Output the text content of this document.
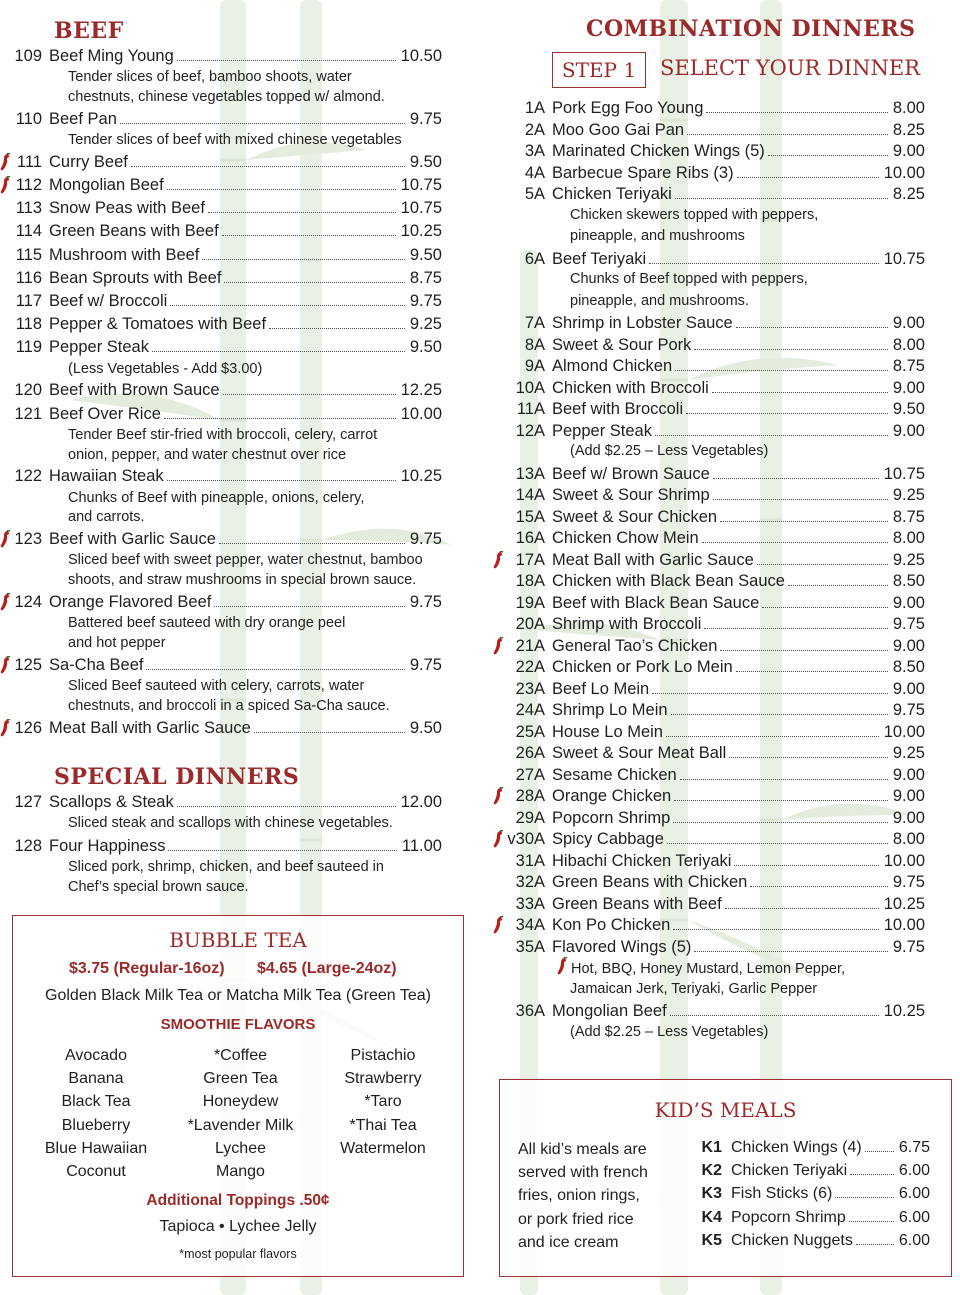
BEEF
109 Beef Ming Young	10.50
Tender slices of beef, bamboo shoots, water
chestnuts, chinese vegetables topped w/ almond.
110 Beef Pan	9.75
Tender slices of beef with mixed chinese vegetables
111 Curry Beef	9.50
112 Mongolian Beef	10.75
113 Snow Peas with Beef	10.75
114 Green Beans with Beef	10.25
115 Mushroom with Beef	9.50
116 Bean Sprouts with Beef	8.75
117 Beef w/ Broccoli	9.75
118 Pepper & Tomatoes with Beef	9.25
119 Pepper Steak	9.50
(Less Vegetables - Add $3.00)
120 Beef with Brown Sauce	12.25
121 Beef Over Rice	10.00
Tender Beef stir-fried with broccoli, celery, carrot
onion, pepper, and water chestnut over rice
122 Hawaiian Steak	10.25
Chunks of Beef with pineapple, onions, celery,
and carrots.
123 Beef with Garlic Sauce	9.75
Sliced beef with sweet pepper, water chestnut, bamboo
shoots, and straw mushrooms in special brown sauce.
124 Orange Flavored Beef	9.75
Battered beef sauteed with dry orange peel
and hot pepper
125 Sa-Cha Beef	9.75
Sliced Beef sauteed with celery, carrots, water
chestnuts, and broccoli in a spiced Sa-Cha sauce.
126 Meat Ball with Garlic Sauce	9.50
SPECIAL DINNERS
127 Scallops & Steak	12.00
Sliced steak and scallops with chinese vegetables.
128 Four Happiness	11.00
Sliced pork, shrimp, chicken, and beef sauteed in
Chef’s special brown sauce.
BUBBLE TEA
$3.75 (Regular-16oz) $4.65 (Large-24oz)
Golden Black Milk Tea or Matcha Milk Tea (Green Tea)
SMOOTHIE FLAVORS
Avocado
Banana
Black Tea
Blueberry
Blue Hawaiian
Coconut
*Coffee
Green Tea
Honeydew
*Lavender Milk
Lychee
Mango
Pistachio
Strawberry
*Taro
*Thai Tea
Watermelon
Additional Toppings .50¢
Tapioca • Lychee Jelly
*most popular flavors
COMBINATION DINNERS
STEP 1	SELECT YOUR DINNER
1A Pork Egg Foo Young	8.00
2A Moo Goo Gai Pan	8.25
3A Marinated Chicken Wings (5)	9.00
4A Barbecue Spare Ribs (3)	10.00
5A Chicken Teriyaki	8.25
Chicken skewers topped with peppers,
pineapple, and mushrooms
6A Beef Teriyaki	10.75
Chunks of Beef topped with peppers,
pineapple, and mushrooms.
7A Shrimp in Lobster Sauce	9.00
8A Sweet & Sour Pork	8.00
9A Almond Chicken	8.75
10A Chicken with Broccoli	9.00
11A Beef with Broccoli	9.50
12A Pepper Steak	9.00
(Add $2.25 – Less Vegetables)
13A Beef w/ Brown Sauce	10.75
14A Sweet & Sour Shrimp	9.25
15A Sweet & Sour Chicken	8.75
16A Chicken Chow Mein	8.00
17A Meat Ball with Garlic Sauce	9.25
18A Chicken with Black Bean Sauce	8.50
19A Beef with Black Bean Sauce	9.00
20A Shrimp with Broccoli	9.75
21A General Tao’s Chicken	9.00
22A Chicken or Pork Lo Mein	8.50
23A Beef Lo Mein	9.00
24A Shrimp Lo Mein	9.75
25A House Lo Mein	10.00
26A Sweet & Sour Meat Ball	9.25
27A Sesame Chicken	9.00
28A Orange Chicken	9.00
29A Popcorn Shrimp	9.00
v30A Spicy Cabbage	8.00
31A Hibachi Chicken Teriyaki	10.00
32A Green Beans with Chicken	9.75
33A Green Beans with Beef	10.25
34A Kon Po Chicken	10.00
35A Flavored Wings (5)	9.75
Hot, BBQ, Honey Mustard, Lemon Pepper,
Jamaican Jerk, Teriyaki, Garlic Pepper
36A Mongolian Beef	10.25
(Add $2.25 – Less Vegetables)
KID’S MEALS
All kid’s meals are
served with french
fries, onion rings,
or pork fried rice
and ice cream
K1 Chicken Wings (4) 6.75
K2 Chicken Teriyaki	6.00
K3 Fish Sticks (6)	6.00
K4 Popcorn Shrimp	6.00
K5 Chicken Nuggets	6.00
